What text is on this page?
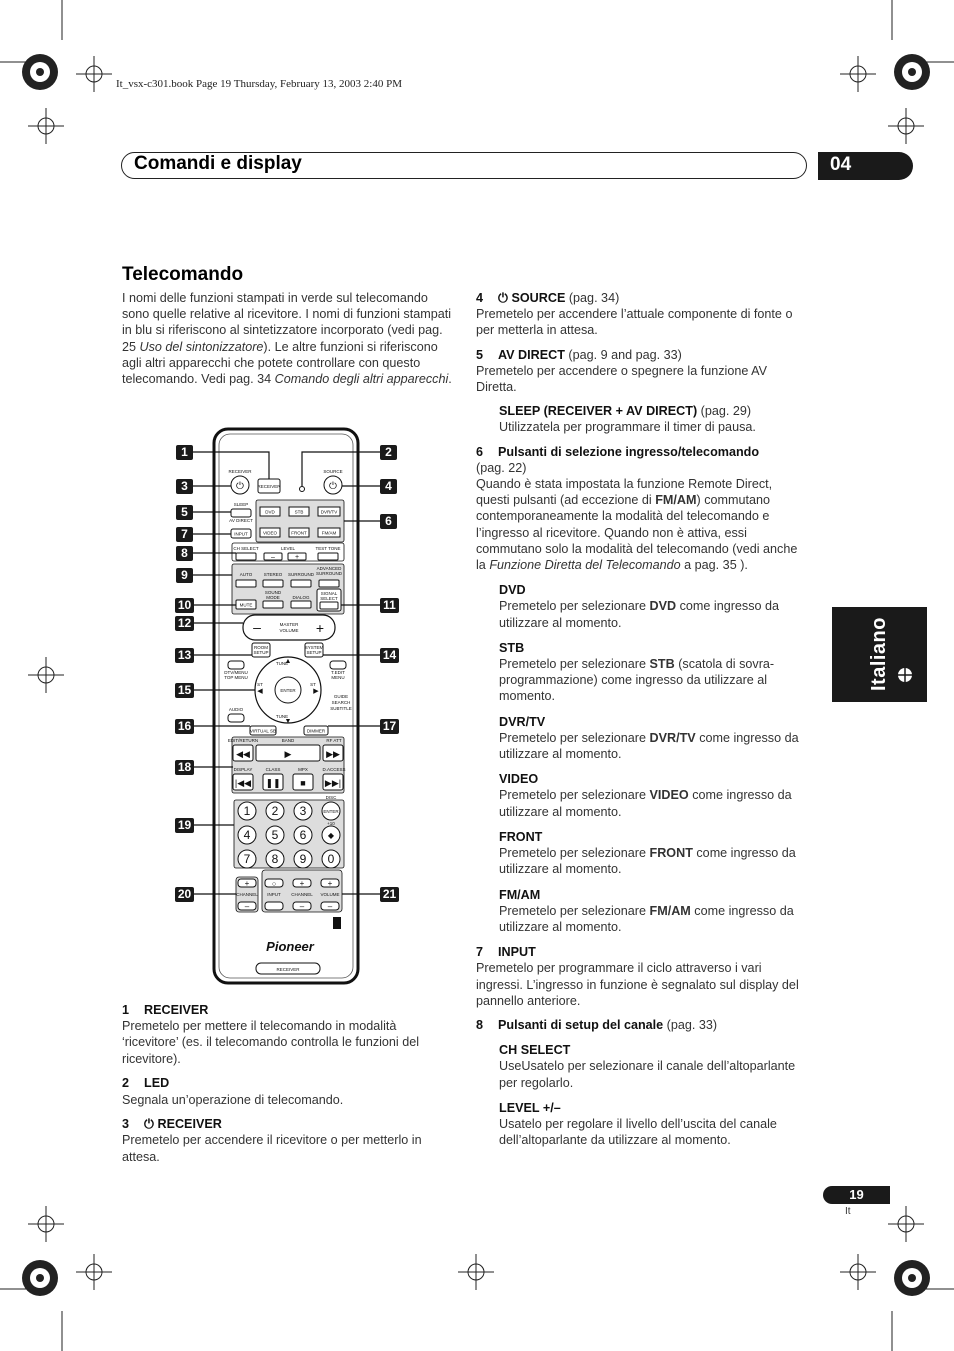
It_vsx-c301.book Page 19 Thursday, February 13, 2003 2:40 PM
Comandi e display	04
Italiano
Telecomando
I nomi delle funzioni stampati in verde sul telecomando sono quelle relative al ricevitore. I nomi di funzioni stampati in blu si riferiscono al sintetizzatore incorporato (vedi pag. 25 Uso del sintonizzatore). Le altre funzioni si riferiscono agli altri apparecchi che potete controllare con questo telecomando. Vedi pag. 34 Comando degli altri apparecchi.
RECEIVER
RECEIVER
⏻
SOURCE
⏻
SLEEP
AV DIRECT
INPUT
DVD	STB	DVR/TV
VIDEO	FRONT	FM/AM
CH SELECT	LEVEL	TEST TONE
–	+
AUTO	STEREO SURROUND
ADVANCED
SURROUND
SOUND
MODE	DIALOG
SIGNAL
SELECT
MUTE
–	+
MASTER
VOLUME
ROOM
SETUP
SYSTEM
SETUP
ENTER
TUNE
TUNE
ST	ST
▲
▼
◀	▶
DTV/MENU
TOP MENU
T.EDIT
MENU
GUIDE
SEARCH
SUBTITLE
AUDIO
VIRTUAL SB	DIMMER
EDIT/RETURN	BAND	RF ATT
◀◀	▶	▶▶
DISPLAY	CLASS	MPX	D.ACCESS
|◀◀ ❚❚ ■ ▶▶|
DISC
1 2 3
4 5 6
7 8 9 0
ENTER
+10
◆
+
CHANNEL
–
○
INPUT
+
CHANNEL
–
+
VOLUME
–
Pioneer
RECEIVER
1
3
5
7
8
9
10
12
13
15
16
18
19
20
2
4
6
11
14
17
21
1 RECEIVER

Premetelo per mettere il telecomando in modalità ‘ricevitore’ (es. il telecomando controlla le funzioni del ricevitore).

2 LED

Segnala un’operazione di telecomando.

3 ⏻ RECEIVER

Premetelo per accendere il ricevitore o per metterlo in attesa.

4 ⏻ SOURCE (pag. 34)

Premetelo per accendere l’attuale componente di fonte o per metterla in attesa.

5 AV DIRECT (pag. 9 and pag. 33)

Premetelo per accendere o spegnere la funzione AV Diretta.

SLEEP (RECEIVER + AV DIRECT) (pag. 29)

Utilizzatela per programmare il timer di pausa.

6 Pulsanti di selezione ingresso/telecomando

(pag. 22)

Quando è stata impostata la funzione Remote Direct, questi pulsanti (ad eccezione di FM/AM) commutano contemporaneamente la modalità del telecomando e l’ingresso al ricevitore. Quando non è attiva, essi commutano solo la modalità del telecomando (vedi anche la Funzione Diretta del Telecomando a pag. 35 ).

DVD

Premetelo per selezionare DVD come ingresso da utilizzare al momento.

STB

Premetelo per selezionare STB (scatola di sovra-programmazione) come ingresso da utilizzare al momento.

DVR/TV

Premetelo per selezionare DVR/TV come ingresso da utilizzare al momento.

VIDEO

Premetelo per selezionare VIDEO come ingresso da utilizzare al momento.

FRONT

Premetelo per selezionare FRONT come ingresso da utilizzare al momento.

FM/AM

Premetelo per selezionare FM/AM come ingresso da utilizzare al momento.

7 INPUT

Premetelo per programmare il ciclo attraverso i vari ingressi. L’ingresso in funzione è segnalato sul display del pannello anteriore.

8 Pulsanti di setup del canale (pag. 33)
CH SELECT

UseUsatelo per selezionare il canale dell’altoparlante per regolarlo.

LEVEL +/–

Usatelo per regolare il livello dell’uscita del canale dell’altoparlante da utilizzare al momento.

19
It
